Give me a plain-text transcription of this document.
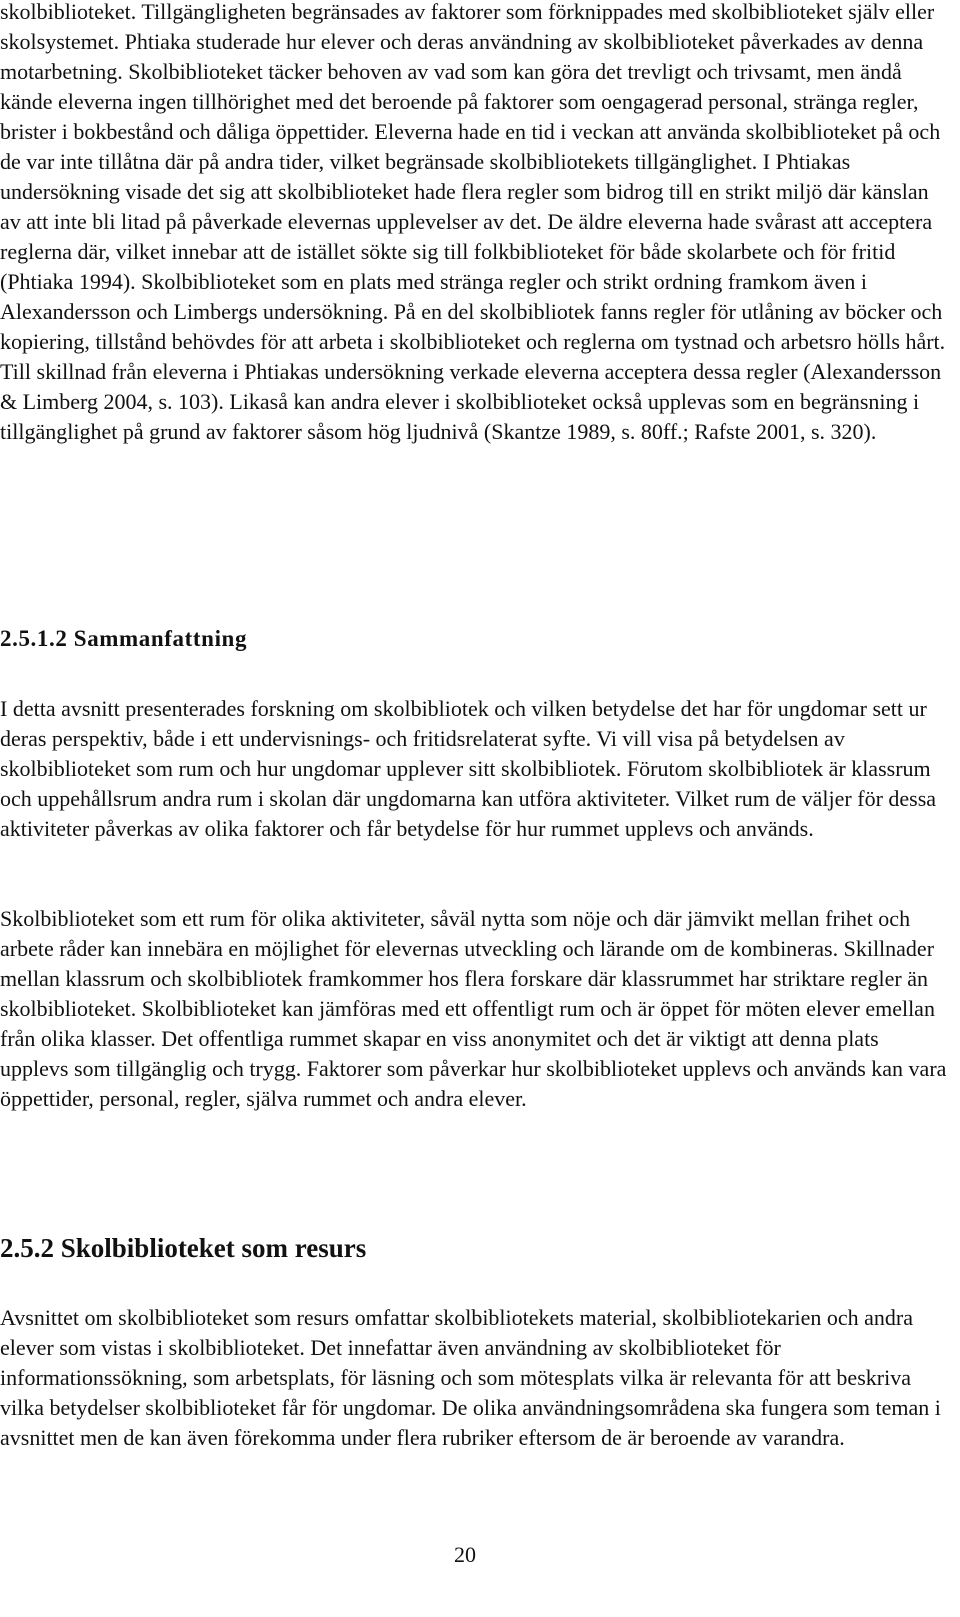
skolbiblioteket. Tillgängligheten begränsades av faktorer som förknippades med skolbiblioteket själv eller skolsystemet. Phtiaka studerade hur elever och deras användning av skolbiblioteket påverkades av denna motarbetning. Skolbiblioteket täcker behoven av vad som kan göra det trevligt och trivsamt, men ändå kände eleverna ingen tillhörighet med det beroende på faktorer som oengagerad personal, stränga regler, brister i bokbestånd och dåliga öppettider. Eleverna hade en tid i veckan att använda skolbiblioteket på och de var inte tillåtna där på andra tider, vilket begränsade skolbibliotekets tillgänglighet. I Phtiakas undersökning visade det sig att skolbiblioteket hade flera regler som bidrog till en strikt miljö där känslan av att inte bli litad på påverkade elevernas upplevelser av det. De äldre eleverna hade svårast att acceptera reglerna där, vilket innebar att de istället sökte sig till folkbiblioteket för både skolarbete och för fritid (Phtiaka 1994). Skolbiblioteket som en plats med stränga regler och strikt ordning framkom även i Alexandersson och Limbergs undersökning. På en del skolbibliotek fanns regler för utlåning av böcker och kopiering, tillstånd behövdes för att arbeta i skolbiblioteket och reglerna om tystnad och arbetsro hölls hårt. Till skillnad från eleverna i Phtiakas undersökning verkade eleverna acceptera dessa regler (Alexandersson & Limberg 2004, s. 103). Likaså kan andra elever i skolbiblioteket också upplevas som en begränsning i tillgänglighet på grund av faktorer såsom hög ljudnivå (Skantze 1989, s. 80ff.; Rafste 2001, s. 320).

2.5.1.2 Sammanfattning

I detta avsnitt presenterades forskning om skolbibliotek och vilken betydelse det har för ungdomar sett ur deras perspektiv, både i ett undervisnings- och fritidsrelaterat syfte. Vi vill visa på betydelsen av skolbiblioteket som rum och hur ungdomar upplever sitt skolbibliotek. Förutom skolbibliotek är klassrum och uppehållsrum andra rum i skolan där ungdomarna kan utföra aktiviteter. Vilket rum de väljer för dessa aktiviteter påverkas av olika faktorer och får betydelse för hur rummet upplevs och används.

Skolbiblioteket som ett rum för olika aktiviteter, såväl nytta som nöje och där jämvikt mellan frihet och arbete råder kan innebära en möjlighet för elevernas utveckling och lärande om de kombineras. Skillnader mellan klassrum och skolbibliotek framkommer hos flera forskare där klassrummet har striktare regler än skolbiblioteket. Skolbiblioteket kan jämföras med ett offentligt rum och är öppet för möten elever emellan från olika klasser. Det offentliga rummet skapar en viss anonymitet och det är viktigt att denna plats upplevs som tillgänglig och trygg. Faktorer som påverkar hur skolbiblioteket upplevs och används kan vara öppettider, personal, regler, själva rummet och andra elever.

2.5.2 Skolbiblioteket som resurs

Avsnittet om skolbiblioteket som resurs omfattar skolbibliotekets material, skolbibliotekarien och andra elever som vistas i skolbiblioteket. Det innefattar även användning av skolbiblioteket för informationssökning, som arbetsplats, för läsning och som mötesplats vilka är relevanta för att beskriva vilka betydelser skolbiblioteket får för ungdomar. De olika användningsområdena ska fungera som teman i avsnittet men de kan även förekomma under flera rubriker eftersom de är beroende av varandra.

20
